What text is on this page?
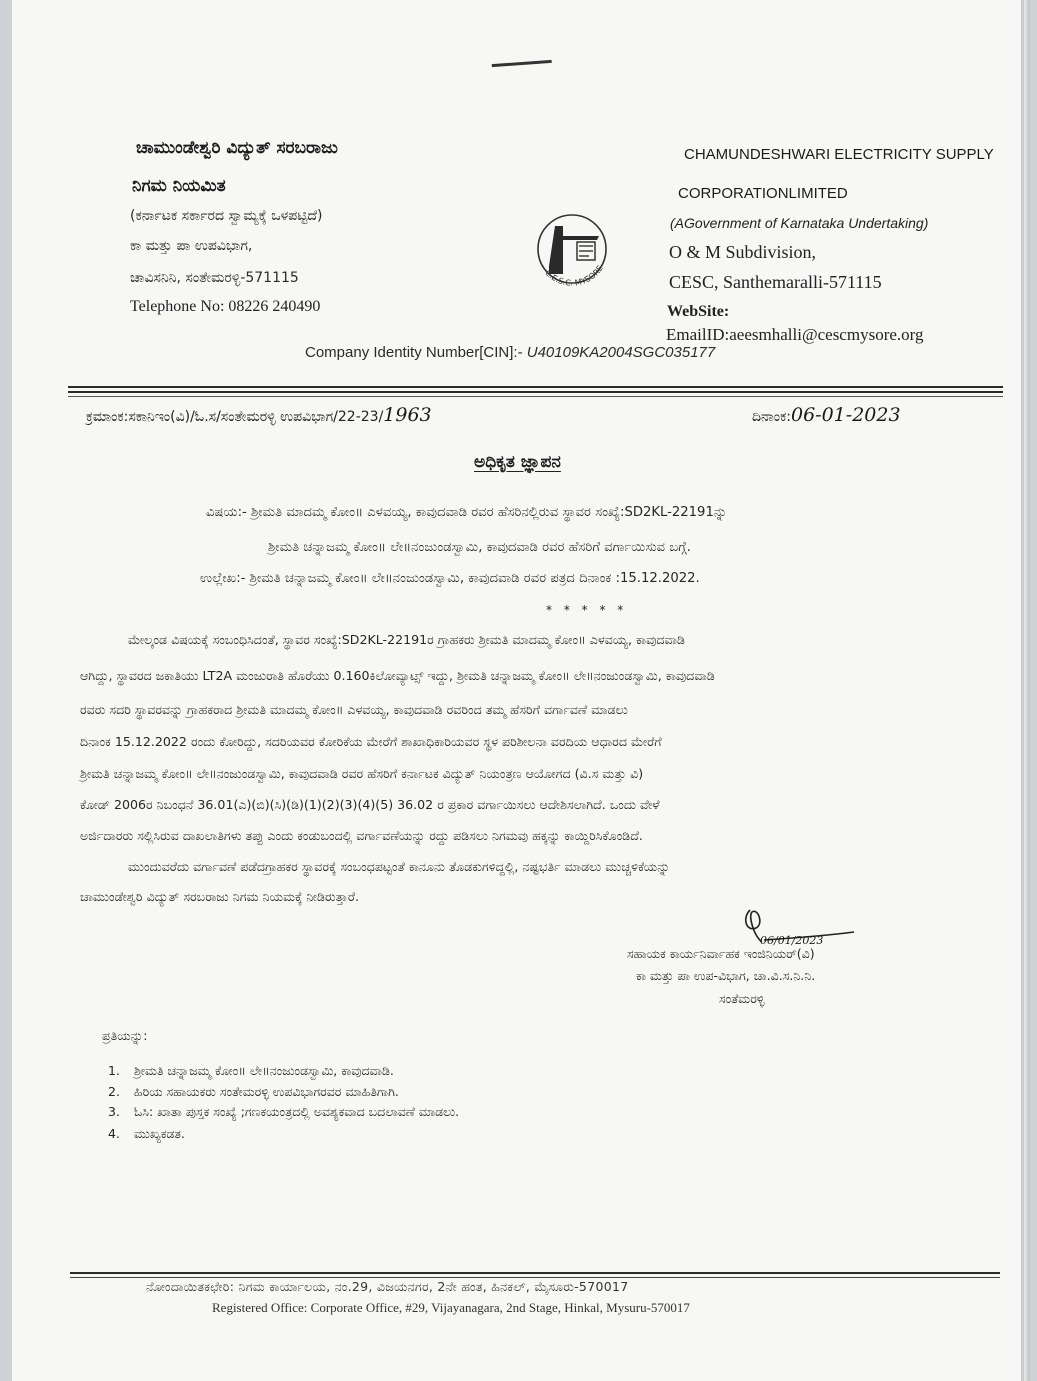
ಚಾಮುಂಡೇಶ್ವರಿ ವಿದ್ಯುತ್ ಸರಬರಾಜು
ನಿಗಮ ನಿಯಮಿತ
(ಕರ್ನಾಟಕ ಸರ್ಕಾರದ ಸ್ವಾಮ್ಯಕ್ಕೆ ಒಳಪಟ್ಟಿದೆ)
ಕಾ ಮತ್ತು ಪಾ ಉಪವಿಭಾಗ,
ಚಾವಿಸನಿನಿ, ಸಂತೇಮರಳ್ಳಿ-571115
Telephone No: 08226 240490
C.E.S.C. MYSORE
CHAMUNDESHWARI ELECTRICITY SUPPLY
CORPORATIONLIMITED
(AGovernment of Karnataka Undertaking)
O & M Subdivision,
CESC, Santhemaralli-571115
WebSite:
EmailID:aeesmhalli@cescmysore.org
Company Identity Number[CIN]:- U40109KA2004SGC035177
ಕ್ರಮಾಂಕ:ಸಕಾನಿಇಂ(ವಿ)/ಓ.ಸ/ಸಂತೇಮರಳ್ಳಿ ಉಪವಿಭಾಗ/22-23/1963	ದಿನಾಂಕ:06-01-2023
ಅಧಿಕೃತ ಜ್ಞಾಪನ
ವಿಷಯ:- ಶ್ರೀಮತಿ ಮಾದಮ್ಮ ಕೋಂ॥ ಎಳವಯ್ಯ, ಕಾವುದವಾಡಿ ರವರ ಹೆಸರಿನಲ್ಲಿರುವ ಸ್ಥಾವರ ಸಂಖ್ಯೆ:SD2KL-22191ನ್ನು
ಶ್ರೀಮತಿ ಚನ್ನಾಜಮ್ಮ ಕೋಂ॥ ಲೇ॥ನಂಜುಂಡಸ್ವಾಮಿ, ಕಾವುದವಾಡಿ ರವರ ಹೆಸರಿಗೆ ವರ್ಗಾಯಿಸುವ ಬಗ್ಗೆ.
ಉಲ್ಲೇಖ:- ಶ್ರೀಮತಿ ಚನ್ನಾಜಮ್ಮ ಕೋಂ॥ ಲೇ॥ನಂಜುಂಡಸ್ವಾಮಿ, ಕಾವುದವಾಡಿ ರವರ ಪತ್ರದ ದಿನಾಂಕ :15.12.2022.
* * * * *
ಮೇಲ್ಕಂಡ ವಿಷಯಕ್ಕೆ ಸಂಬಂಧಿಸಿದಂತೆ, ಸ್ಥಾವರ ಸಂಖ್ಯೆ:SD2KL-22191ರ ಗ್ರಾಹಕರು ಶ್ರೀಮತಿ ಮಾದಮ್ಮ ಕೋಂ॥ ಎಳವಯ್ಯ, ಕಾವುದವಾಡಿ
ಆಗಿದ್ದು, ಸ್ಥಾವರದ ಜಕಾತಿಯು LT2A ಮಂಜುರಾತಿ ಹೊರೆಯು 0.160ಕಿಲೋವ್ಯಾಟ್ಸ್ ಇದ್ದು, ಶ್ರೀಮತಿ ಚನ್ನಾಜಮ್ಮ ಕೋಂ॥ ಲೇ॥ನಂಜುಂಡಸ್ವಾಮಿ, ಕಾವುದವಾಡಿ
ರವರು ಸದರಿ ಸ್ಥಾವರವನ್ನು ಗ್ರಾಹಕರಾದ ಶ್ರೀಮತಿ ಮಾದಮ್ಮ ಕೋಂ॥ ಎಳವಯ್ಯ, ಕಾವುದವಾಡಿ ರವರಿಂದ ತಮ್ಮ ಹೆಸರಿಗೆ ವರ್ಗಾವಣೆ ಮಾಡಲು
ದಿನಾಂಕ 15.12.2022 ರಂದು ಕೋರಿದ್ದು, ಸದರಿಯವರ ಕೋರಿಕೆಯ ಮೇರೆಗೆ ಶಾಖಾಧಿಕಾರಿಯವರ ಸ್ಥಳ ಪರಿಶೀಲನಾ ವರದಿಯ ಆಧಾರದ ಮೇರೆಗೆ
ಶ್ರೀಮತಿ ಚನ್ನಾಜಮ್ಮ ಕೋಂ॥ ಲೇ॥ನಂಜುಂಡಸ್ವಾಮಿ, ಕಾವುದವಾಡಿ ರವರ ಹೆಸರಿಗೆ ಕರ್ನಾಟಕ ವಿದ್ಯುತ್ ನಿಯಂತ್ರಣ ಆಯೋಗದ (ವಿ.ಸ ಮತ್ತು ವಿ)
ಕೋಡ್ 2006ರ ನಿಬಂಧನೆ 36.01(ಎ)(ಬಿ)(ಸಿ)(ಡಿ)(1)(2)(3)(4)(5) 36.02 ರ ಪ್ರಕಾರ ವರ್ಗಾಯಿಸಲು ಆದೇಶಿಸಲಾಗಿದೆ. ಒಂದು ವೇಳೆ
ಅರ್ಜಿದಾರರು ಸಲ್ಲಿಸಿರುವ ದಾಖಲಾತಿಗಳು ತಪ್ಪು ಎಂದು ಕಂಡುಬಂದಲ್ಲಿ ವರ್ಗಾವಣೆಯನ್ನು ರದ್ದು ಪಡಿಸಲು ನಿಗಮವು ಹಕ್ಕನ್ನು ಕಾಯ್ದಿರಿಸಿಕೊಂಡಿದೆ.
ಮುಂದುವರೆದು ವರ್ಗಾವಣೆ ಪಡೆದಗ್ರಾಹಕರ ಸ್ಥಾವರಕ್ಕೆ ಸಂಬಂಧಪಟ್ಟಂತೆ ಕಾನೂನು ತೊಡಕುಗಳಿದ್ದಲ್ಲಿ, ನಷ್ಟಭರ್ತಿ ಮಾಡಲು ಮುಚ್ಚಳಿಕೆಯನ್ನು
ಚಾಮುಂಡೇಶ್ವರಿ ವಿದ್ಯುತ್ ಸರಬರಾಜು ನಿಗಮ ನಿಯಮಕ್ಕೆ ನೀಡಿರುತ್ತಾರೆ.
06/01/2023
ಸಹಾಯಕ ಕಾರ್ಯನಿರ್ವಾಹಕ ಇಂಜಿನಿಯರ್(ವಿ)
ಕಾ ಮತ್ತು ಪಾ ಉಪ-ವಿಭಾಗ, ಚಾ.ವಿ.ಸ.ನಿ.ನಿ.
ಸಂತೆಮರಳ್ಳಿ
ಪ್ರತಿಯನ್ನು:
1. ಶ್ರೀಮತಿ ಚನ್ನಾಜಮ್ಮ ಕೋಂ॥ ಲೇ॥ನಂಜುಂಡಸ್ವಾಮಿ, ಕಾವುದವಾಡಿ.
2. ಹಿರಿಯ ಸಹಾಯಕರು ಸಂತೇಮರಳ್ಳಿ ಉಪವಿಭಾಗರವರ ಮಾಹಿತಿಗಾಗಿ.
3. ಓಸಿ: ಖಾತಾ ಪುಸ್ತಕ ಸಂಖ್ಯೆ ;ಗಣಕಯಂತ್ರದಲ್ಲಿ ಅವಶ್ಯಕವಾದ ಬದಲಾವಣೆ ಮಾಡಲು.
4. ಮುಖ್ಯಕಡತ.
ನೋಂದಾಯಿತಕಛೇರಿ: ನಿಗಮ ಕಾರ್ಯಾಲಯ, ನಂ.29, ವಿಜಯನಗರ, 2ನೇ ಹಂತ, ಹಿನಕಲ್, ಮೈಸೂರು-570017
Registered Office: Corporate Office, #29, Vijayanagara, 2nd Stage, Hinkal, Mysuru-570017
